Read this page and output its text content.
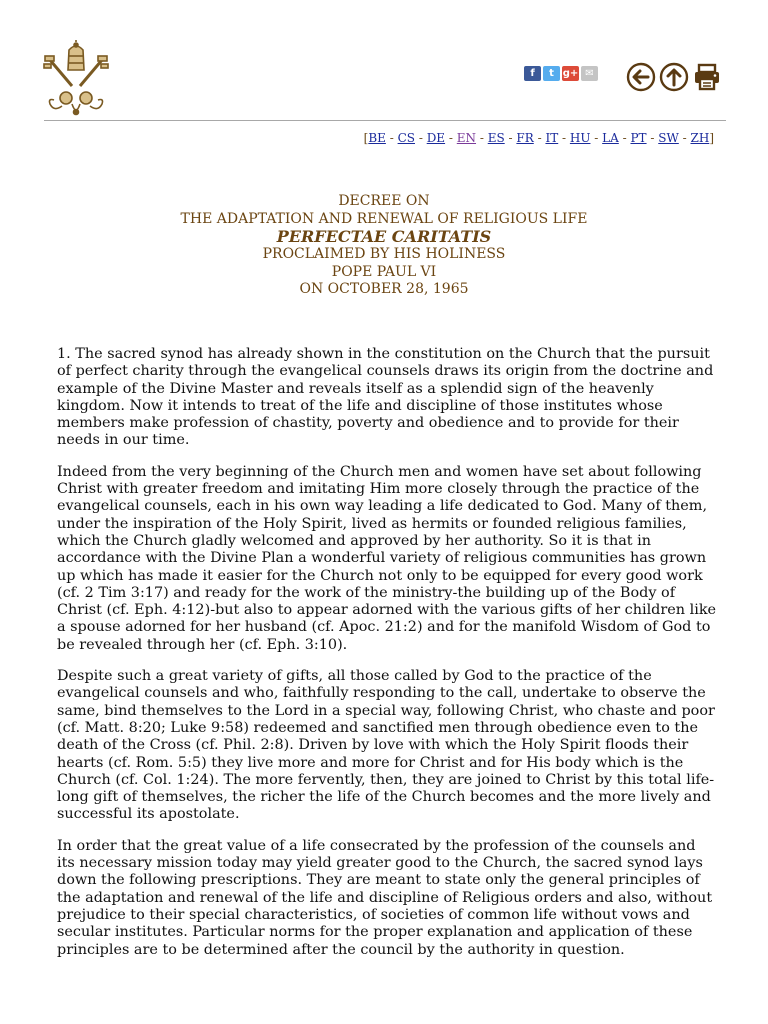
f	t g+ ✉
[BE - CS - DE - EN - ES - FR - IT - HU - LA - PT - SW - ZH]
DECREE ON
THE ADAPTATION AND RENEWAL OF RELIGIOUS LIFE
PERFECTAE CARITATIS
PROCLAIMED BY HIS HOLINESS
POPE PAUL VI
ON OCTOBER 28, 1965

1. The sacred synod has already shown in the constitution on the Church that the pursuit of perfect charity through the evangelical counsels draws its origin from the doctrine and example of the Divine Master and reveals itself as a splendid sign of the heavenly kingdom. Now it intends to treat of the life and discipline of those institutes whose members make profession of chastity, poverty and obedience and to provide for their needs in our time.

Indeed from the very beginning of the Church men and women have set about following Christ with greater freedom and imitating Him more closely through the practice of the evangelical counsels, each in his own way leading a life dedicated to God. Many of them, under the inspiration of the Holy Spirit, lived as hermits or founded religious families, which the Church gladly welcomed and approved by her authority. So it is that in accordance with the Divine Plan a wonderful variety of religious communities has grown up which has made it easier for the Church not only to be equipped for every good work (cf. 2 Tim 3:17) and ready for the work of the ministry-the building up of the Body of Christ (cf. Eph. 4:12)-but also to appear adorned with the various gifts of her children like a spouse adorned for her husband (cf. Apoc. 21:2) and for the manifold Wisdom of God to be revealed through her (cf. Eph. 3:10).

Despite such a great variety of gifts, all those called by God to the practice of the evangelical counsels and who, faithfully responding to the call, undertake to observe the same, bind themselves to the Lord in a special way, following Christ, who chaste and poor (cf. Matt. 8:20; Luke 9:58) redeemed and sanctified men through obedience even to the death of the Cross (cf. Phil. 2:8). Driven by love with which the Holy Spirit floods their hearts (cf. Rom. 5:5) they live more and more for Christ and for His body which is the Church (cf. Col. 1:24). The more fervently, then, they are joined to Christ by this total life-long gift of themselves, the richer the life of the Church becomes and the more lively and successful its apostolate.

In order that the great value of a life consecrated by the profession of the counsels and its necessary mission today may yield greater good to the Church, the sacred synod lays down the following prescriptions. They are meant to state only the general principles of the adaptation and renewal of the life and discipline of Religious orders and also, without prejudice to their special characteristics, of societies of common life without vows and secular institutes. Particular norms for the proper explanation and application of these principles are to be determined after the council by the authority in question.
